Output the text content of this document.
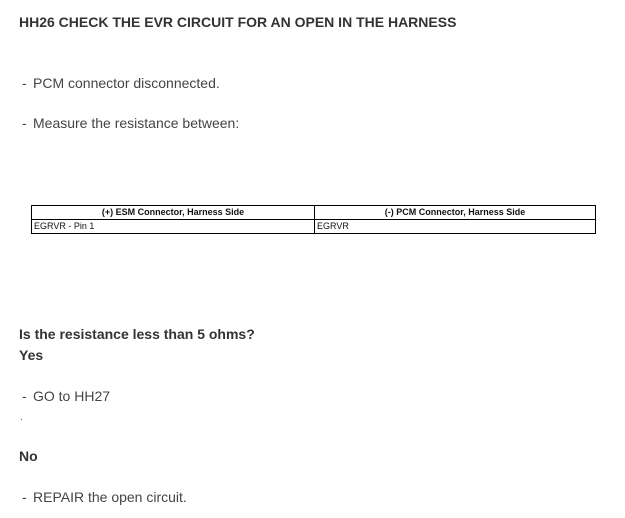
HH26 CHECK THE EVR CIRCUIT FOR AN OPEN IN THE HARNESS
- PCM connector disconnected.
- Measure the resistance between:
(+) ESM Connector, Harness Side	(-) PCM Connector, Harness Side
EGRVR - Pin 1	EGRVR
Is the resistance less than 5 ohms?
Yes
- GO to HH27
.
No
- REPAIR the open circuit.
